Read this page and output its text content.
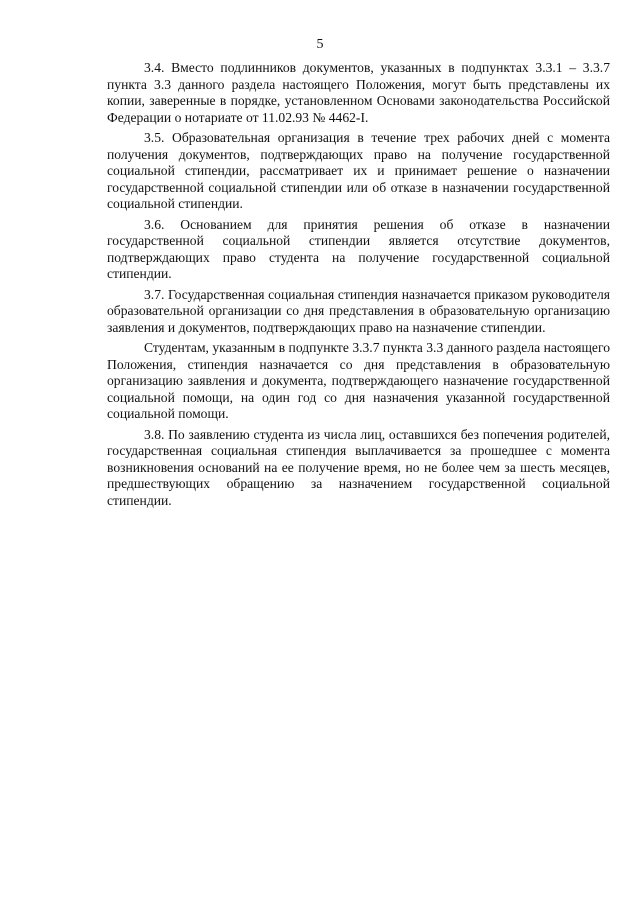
5

3.4. Вместо подлинников документов, указанных в подпунктах 3.3.1 – 3.3.7 пункта 3.3 данного раздела настоящего Положения, могут быть представлены их копии, заверенные в порядке, установленном Основами законодательства Российской Федерации о нотариате от 11.02.93 № 4462-I.

3.5. Образовательная организация в течение трех рабочих дней с момента получения документов, подтверждающих право на получение государственной социальной стипендии, рассматривает их и принимает решение о назначении государственной социальной стипендии или об отказе в назначении государственной социальной стипендии.

3.6. Основанием для принятия решения об отказе в назначении государственной социальной стипендии является отсутствие документов, подтверждающих право студента на получение государственной социальной стипендии.

3.7. Государственная социальная стипендия назначается приказом руководителя образовательной организации со дня представления в образовательную организацию заявления и документов, подтверждающих право на назначение стипендии.

Студентам, указанным в подпункте 3.3.7 пункта 3.3 данного раздела настоящего Положения, стипендия назначается со дня представления в образовательную организацию заявления и документа, подтверждающего назначение государственной социальной помощи, на один год со дня назначения указанной государственной социальной помощи.

3.8. По заявлению студента из числа лиц, оставшихся без попечения родителей, государственная социальная стипендия выплачивается за прошедшее с момента возникновения оснований на ее получение время, но не более чем за шесть месяцев, предшествующих обращению за назначением государственной социальной стипендии.
